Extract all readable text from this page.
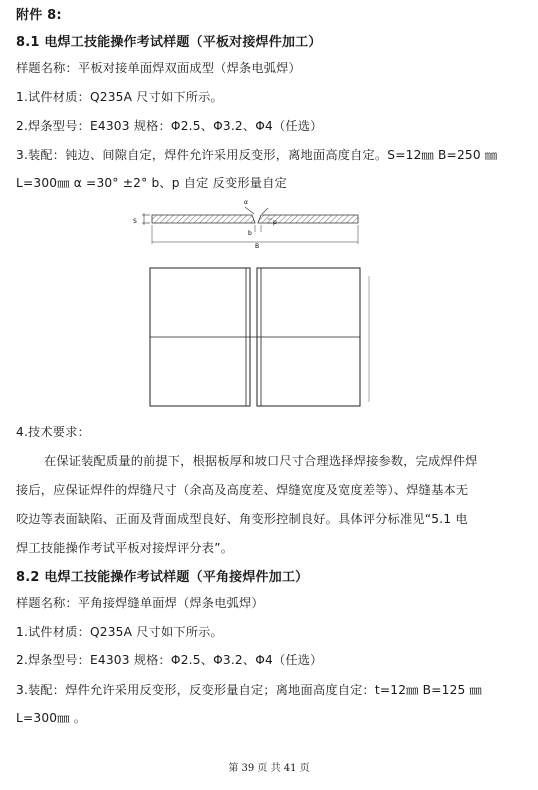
附件 8:
8.1 电焊工技能操作考试样题（平板对接焊件加工）
样题名称：平板对接单面焊双面成型（焊条电弧焊）
1.试件材质：Q235A 尺寸如下所示。
2.焊条型号：E4303 规格：Φ2.5、Φ3.2、Φ4（任选）
3.装配：钝边、间隙自定，焊件允许采用反变形，离地面高度自定。S=12㎜ B=250 ㎜
L=300㎜ α =30° ±2° b、p 自定 反变形量自定
S
α
p
b
B
4.技术要求：
在保证装配质量的前提下，根据板厚和坡口尺寸合理选择焊接参数，完成焊件焊
接后，应保证焊件的焊缝尺寸（余高及高度差、焊缝宽度及宽度差等）、焊缝基本无
咬边等表面缺陷、正面及背面成型良好、角变形控制良好。具体评分标准见“5.1 电
焊工技能操作考试平板对接焊评分表”。
8.2 电焊工技能操作考试样题（平角接焊件加工）
样题名称：平角接焊缝单面焊（焊条电弧焊）
1.试件材质：Q235A 尺寸如下所示。
2.焊条型号：E4303 规格：Φ2.5、Φ3.2、Φ4（任选）
3.装配：焊件允许采用反变形，反变形量自定；离地面高度自定：t=12㎜ B=125 ㎜
L=300㎜ 。
第 39 页 共 41 页
